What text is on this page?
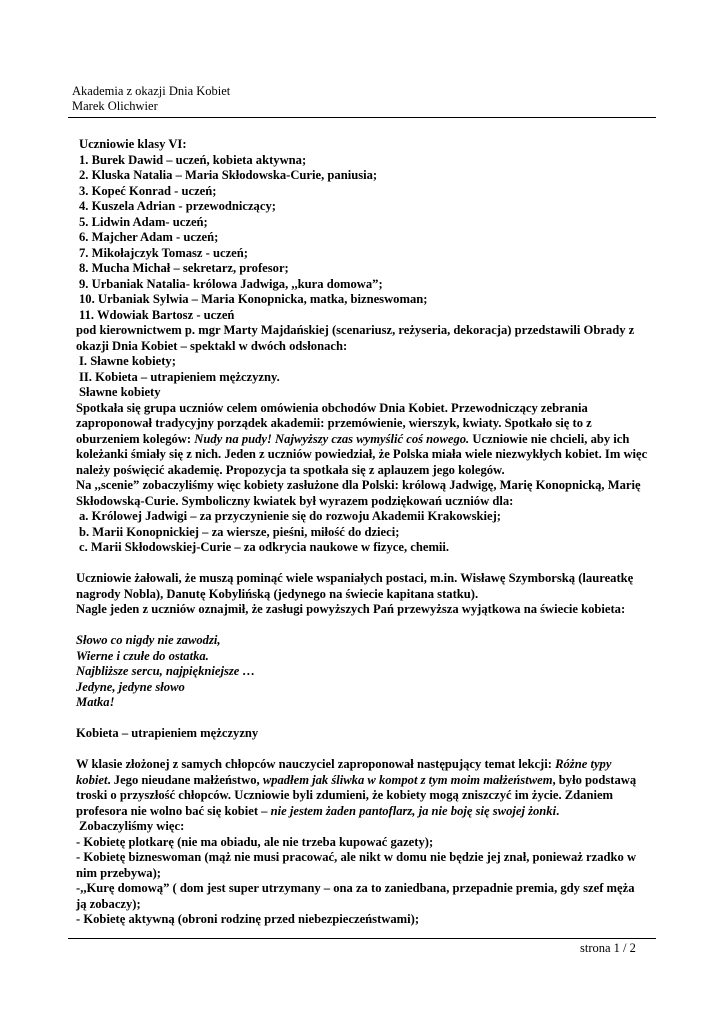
Akademia z okazji Dnia Kobiet
Marek Olichwier

Uczniowie klasy VI:

1. Burek Dawid – uczeń, kobieta aktywna;

2. Kluska Natalia – Maria Skłodowska-Curie, paniusia;

3. Kopeć Konrad - uczeń;

4. Kuszela Adrian - przewodniczący;

5. Lidwin Adam- uczeń;

6. Majcher Adam - uczeń;

7. Mikołajczyk Tomasz - uczeń;

8. Mucha Michał – sekretarz, profesor;

9. Urbaniak Natalia- królowa Jadwiga, ,,kura domowa”;

10. Urbaniak Sylwia – Maria Konopnicka, matka, bizneswoman;

11. Wdowiak Bartosz - uczeń

pod kierownictwem p. mgr Marty Majdańskiej (scenariusz, reżyseria, dekoracja) przedstawili Obrady z okazji Dnia Kobiet – spektakl w dwóch odsłonach:

I. Sławne kobiety;

II. Kobieta – utrapieniem mężczyzny.

Sławne kobiety

Spotkała się grupa uczniów celem omówienia obchodów Dnia Kobiet. Przewodniczący zebrania zaproponował tradycyjny porządek akademii: przemówienie, wierszyk, kwiaty. Spotkało się to z oburzeniem kolegów: Nudy na pudy! Najwyższy czas wymyślić coś nowego. Uczniowie nie chcieli, aby ich koleżanki śmiały się z nich. Jeden z uczniów powiedział, że Polska miała wiele niezwykłych kobiet. Im więc należy poświęcić akademię. Propozycja ta spotkała się z aplauzem jego kolegów.

Na ,,scenie” zobaczyliśmy więc kobiety zasłużone dla Polski: królową Jadwigę, Marię Konopnicką, Marię Skłodowską-Curie. Symboliczny kwiatek był wyrazem podziękowań uczniów dla:

a. Królowej Jadwigi – za przyczynienie się do rozwoju Akademii Krakowskiej;

b. Marii Konopnickiej – za wiersze, pieśni, miłość do dzieci;

c. Marii Skłodowskiej-Curie – za odkrycia naukowe w fizyce, chemii.

Uczniowie żałowali, że muszą pominąć wiele wspaniałych postaci, m.in. Wisławę Szymborską (laureatkę nagrody Nobla), Danutę Kobylińską (jedynego na świecie kapitana statku).

Nagle jeden z uczniów oznajmił, że zasługi powyższych Pań przewyższa wyjątkowa na świecie kobieta:

Słowo co nigdy nie zawodzi,

Wierne i czułe do ostatka.

Najbliższe sercu, najpiękniejsze …

Jedyne, jedyne słowo

Matka!

Kobieta – utrapieniem mężczyzny

W klasie złożonej z samych chłopców nauczyciel zaproponował następujący temat lekcji: Różne typy kobiet. Jego nieudane małżeństwo, wpadłem jak śliwka w kompot z tym moim małżeństwem, było podstawą troski o przyszłość chłopców. Uczniowie byli zdumieni, że kobiety mogą zniszczyć im życie. Zdaniem profesora nie wolno bać się kobiet – nie jestem żaden pantoflarz, ja nie boję się swojej żonki.

Zobaczyliśmy więc:

- Kobietę plotkarę (nie ma obiadu, ale nie trzeba kupować gazety);

- Kobietę bizneswoman (mąż nie musi pracować, ale nikt w domu nie będzie jej znał, ponieważ rzadko w nim przebywa);

-,,Kurę domową” ( dom jest super utrzymany – ona za to zaniedbana, przepadnie premia, gdy szef męża ją zobaczy);

- Kobietę aktywną (obroni rodzinę przed niebezpieczeństwami);

strona 1 / 2
